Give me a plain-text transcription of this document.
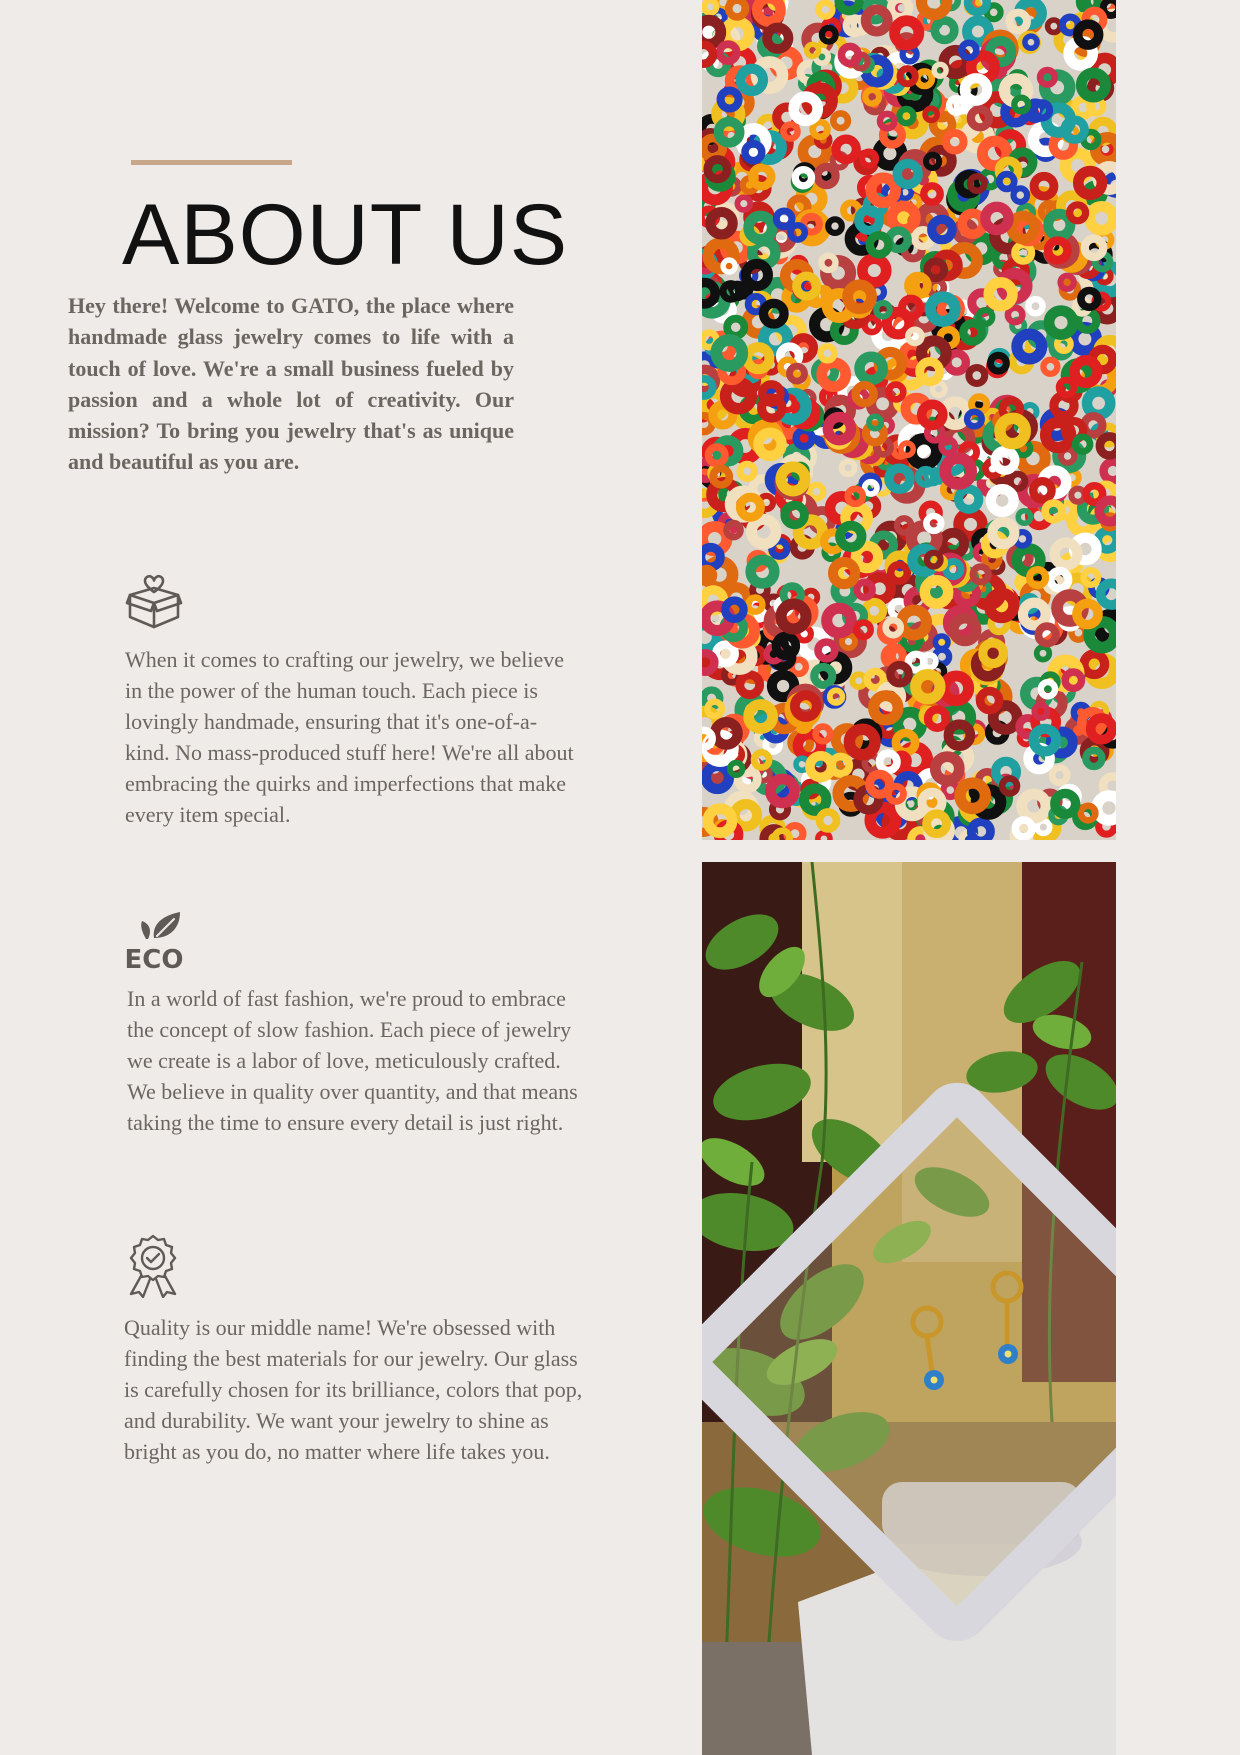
ABOUT US

Hey there! Welcome to GATO, the place where handmade glass jewelry comes to life with a touch of love. We're a small business fueled by passion and a whole lot of creativity. Our mission? To bring you jewelry that's as unique and beautiful as you are.

When it comes to crafting our jewelry, we believe in the power of the human touch. Each piece is lovingly handmade, ensuring that it's one-of-a-kind. No mass-produced stuff here! We're all about embracing the quirks and imperfections that make every item special.

ECO

In a world of fast fashion, we're proud to embrace the concept of slow fashion. Each piece of jewelry we create is a labor of love, meticulously crafted. We believe in quality over quantity, and that means taking the time to ensure every detail is just right.

Quality is our middle name! We're obsessed with finding the best materials for our jewelry. Our glass is carefully chosen for its brilliance, colors that pop, and durability. We want your jewelry to shine as bright as you do, no matter where life takes you.
